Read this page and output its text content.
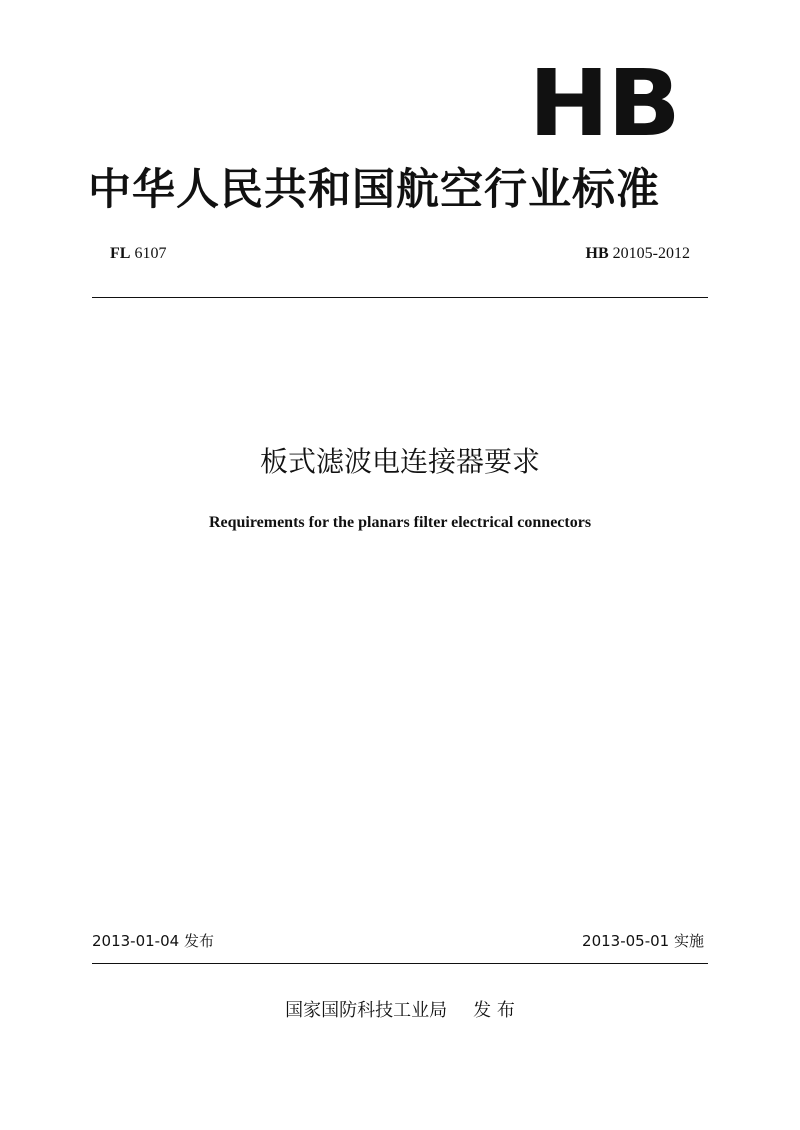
HB
中华人民共和国航空行业标准
FL 6107	HB 20105-2012
板式滤波电连接器要求
Requirements for the planars filter electrical connectors
2013-01-04 发布	2013-05-01 实施
国家国防科技工业局 发 布
